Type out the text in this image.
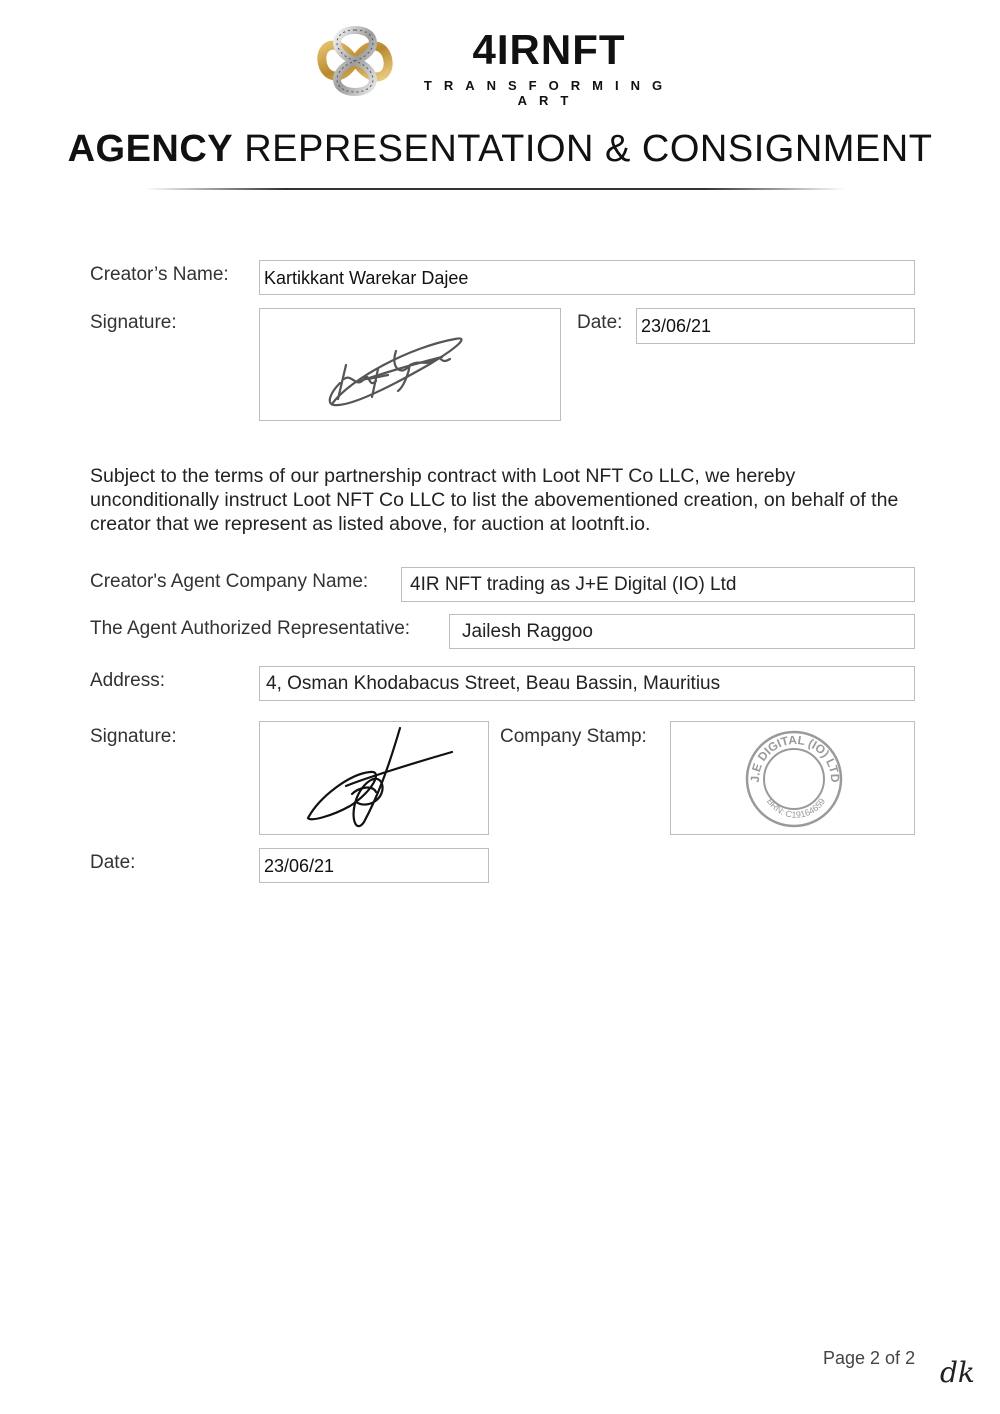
4IRNFT
TRANSFORMING ART
AGENCY REPRESENTATION & CONSIGNMENT
Creator’s Name: Kartikkant Warekar Dajee
Signature:	Date: 23/06/21
Subject to the terms of our partnership contract with Loot NFT Co LLC, we hereby unconditionally instruct Loot NFT Co LLC to list the abovementioned creation, on behalf of the creator that we represent as listed above, for auction at lootnft.io.
Creator's Agent Company Name:	4IR NFT trading as J+E Digital (IO) Ltd
The Agent Authorized Representative:	Jailesh Raggoo
Address:	4, Osman Khodabacus Street, Beau Bassin, Mauritius
Signature:	Company Stamp:
J.E DIGITAL (IO) LTD
BRN: C19164659
Date:	23/06/21
Page 2 of 2 dk
